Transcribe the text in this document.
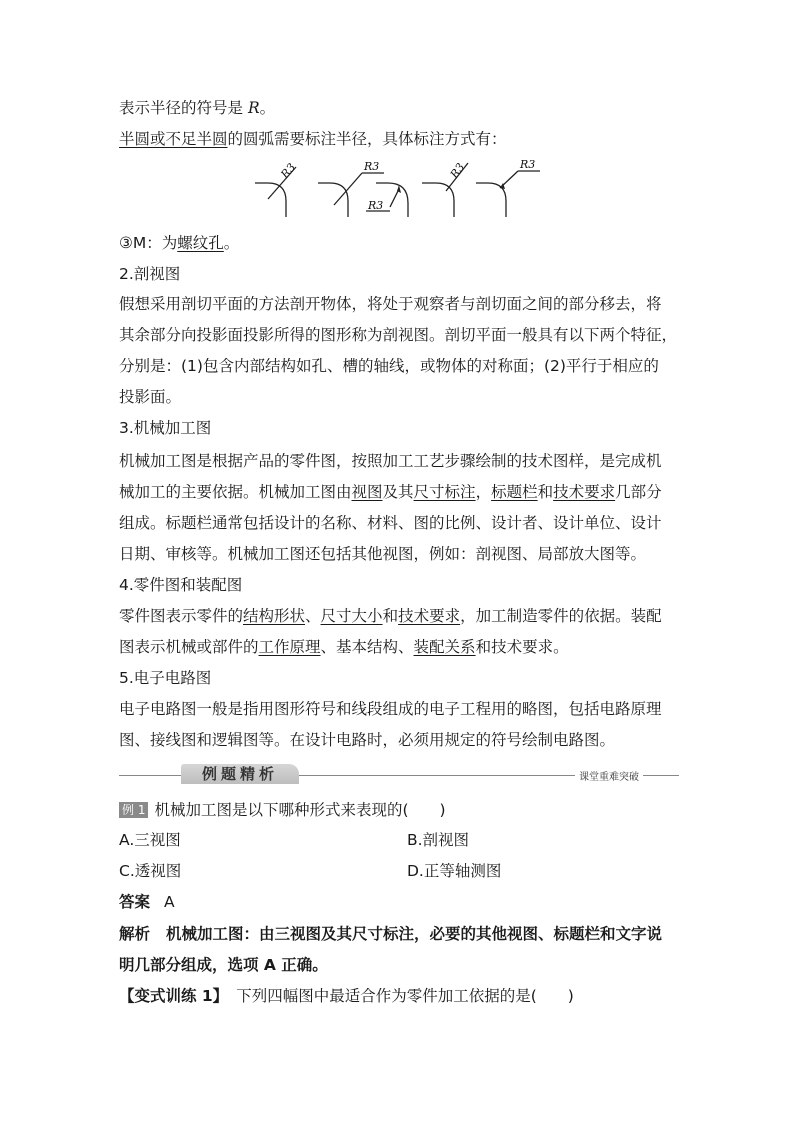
表示半径的符号是 R。
半圆或不足半圆的圆弧需要标注半径，具体标注方式有：
R3	R3
R3
R3	R3
③M：为螺纹孔。
2.剖视图
假想采用剖切平面的方法剖开物体，将处于观察者与剖切面之间的部分移去，将
其余部分向投影面投影所得的图形称为剖视图。剖切平面一般具有以下两个特征，
分别是：(1)包含内部结构如孔、槽的轴线，或物体的对称面；(2)平行于相应的
投影面。
3.机械加工图
机械加工图是根据产品的零件图，按照加工工艺步骤绘制的技术图样，是完成机
械加工的主要依据。机械加工图由视图及其尺寸标注，标题栏和技术要求几部分
组成。标题栏通常包括设计的名称、材料、图的比例、设计者、设计单位、设计
日期、审核等。机械加工图还包括其他视图，例如：剖视图、局部放大图等。
4.零件图和装配图
零件图表示零件的结构形状、尺寸大小和技术要求，加工制造零件的依据。装配
图表示机械或部件的工作原理、基本结构、装配关系和技术要求。
5.电子电路图
电子电路图一般是指用图形符号和线段组成的电子工程用的略图，包括电路原理
图、接线图和逻辑图等。在设计电路时，必须用规定的符号绘制电路图。
例题精析	课堂重难突破
例 1 机械加工图是以下哪种形式来表现的(　　)
A.三视图	B.剖视图
C.透视图	D.正等轴测图
答案 A
解析 机械加工图：由三视图及其尺寸标注，必要的其他视图、标题栏和文字说
明几部分组成，选项 A 正确。
【变式训练 1】 下列四幅图中最适合作为零件加工依据的是(　　)
